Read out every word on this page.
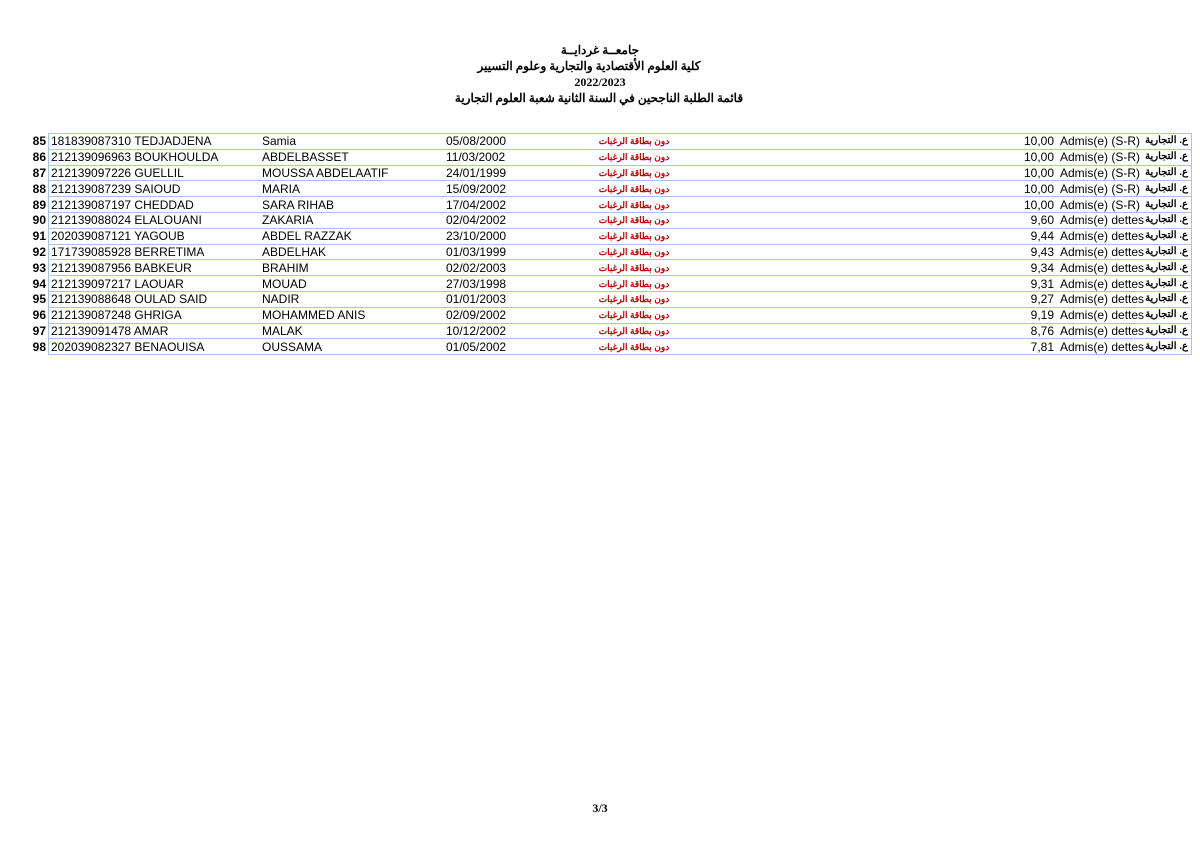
جامعــة غردايــة
كلية العلوم الأقتصادية والتجارية وعلوم التسيير
2022/2023
قائمة الطلبة الناجحين في السنة الثانية شعبة العلوم التجارية
85	181839087310 TEDJADJENA	Samia	05/08/2000	دون بطاقة الرغبات	10,00	Admis(e) (S-R)	ع. التجارية
86	212139096963 BOUKHOULDA	ABDELBASSET	11/03/2002	دون بطاقة الرغبات	10,00	Admis(e) (S-R)	ع. التجارية
87	212139097226 GUELLIL	MOUSSA ABDELAATIF	24/01/1999	دون بطاقة الرغبات	10,00	Admis(e) (S-R)	ع. التجارية
88	212139087239 SAIOUD	MARIA	15/09/2002	دون بطاقة الرغبات	10,00	Admis(e) (S-R)	ع. التجارية
89	212139087197 CHEDDAD	SARA RIHAB	17/04/2002	دون بطاقة الرغبات	10,00	Admis(e) (S-R)	ع. التجارية
90	212139088024 ELALOUANI	ZAKARIA	02/04/2002	دون بطاقة الرغبات	9,60	Admis(e) dettes	ع. التجارية
91	202039087121 YAGOUB	ABDEL RAZZAK	23/10/2000	دون بطاقة الرغبات	9,44	Admis(e) dettes	ع. التجارية
92	171739085928 BERRETIMA	ABDELHAK	01/03/1999	دون بطاقة الرغبات	9,43	Admis(e) dettes	ع. التجارية
93	212139087956 BABKEUR	BRAHIM	02/02/2003	دون بطاقة الرغبات	9,34	Admis(e) dettes	ع. التجارية
94	212139097217 LAOUAR	MOUAD	27/03/1998	دون بطاقة الرغبات	9,31	Admis(e) dettes	ع. التجارية
95	212139088648 OULAD SAID	NADIR	01/01/2003	دون بطاقة الرغبات	9,27	Admis(e) dettes	ع. التجارية
96	212139087248 GHRIGA	MOHAMMED ANIS	02/09/2002	دون بطاقة الرغبات	9,19	Admis(e) dettes	ع. التجارية
97	212139091478 AMAR	MALAK	10/12/2002	دون بطاقة الرغبات	8,76	Admis(e) dettes	ع. التجارية
98	202039082327 BENAOUISA	OUSSAMA	01/05/2002	دون بطاقة الرغبات	7,81	Admis(e) dettes	ع. التجارية
3/3
